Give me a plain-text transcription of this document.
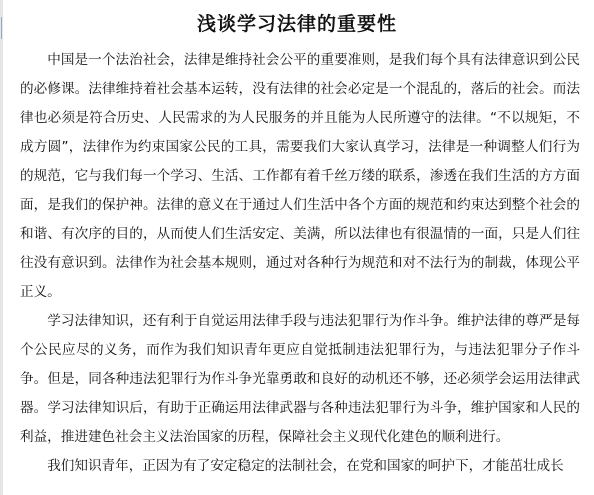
浅谈学习法律的重要性

中国是一个法治社会，法律是维持社会公平的重要准则，是我们每个具有法律意识到公民的必修课。法律维持着社会基本运转，没有法律的社会必定是一个混乱的，落后的社会。而法律也必须是符合历史、人民需求的为人民服务的并且能为人民所遵守的法律。“不以规矩，不成方圆”，法律作为约束国家公民的工具，需要我们大家认真学习，法律是一种调整人们行为的规范，它与我们每一个学习、生活、工作都有着千丝万缕的联系，渗透在我们生活的方方面面，是我们的保护神。法律的意义在于通过人们生活中各个方面的规范和约束达到整个社会的和谐、有次序的目的，从而使人们生活安定、美满，所以法律也有很温情的一面，只是人们往往没有意识到。法律作为社会基本规则，通过对各种行为规范和对不法行为的制裁，体现公平正义。

学习法律知识，还有利于自觉运用法律手段与违法犯罪行为作斗争。维护法律的尊严是每个公民应尽的义务，而作为我们知识青年更应自觉抵制违法犯罪行为，与违法犯罪分子作斗争。但是，同各种违法犯罪行为作斗争光靠勇敢和良好的动机还不够，还必须学会运用法律武器。学习法律知识后，有助于正确运用法律武器与各种违法犯罪行为斗争，维护国家和人民的利益，推进建色社会主义法治国家的历程，保障社会主义现代化建色的顺利进行。

我们知识青年，正因为有了安定稳定的法制社会，在党和国家的呵护下，才能茁壮成长
